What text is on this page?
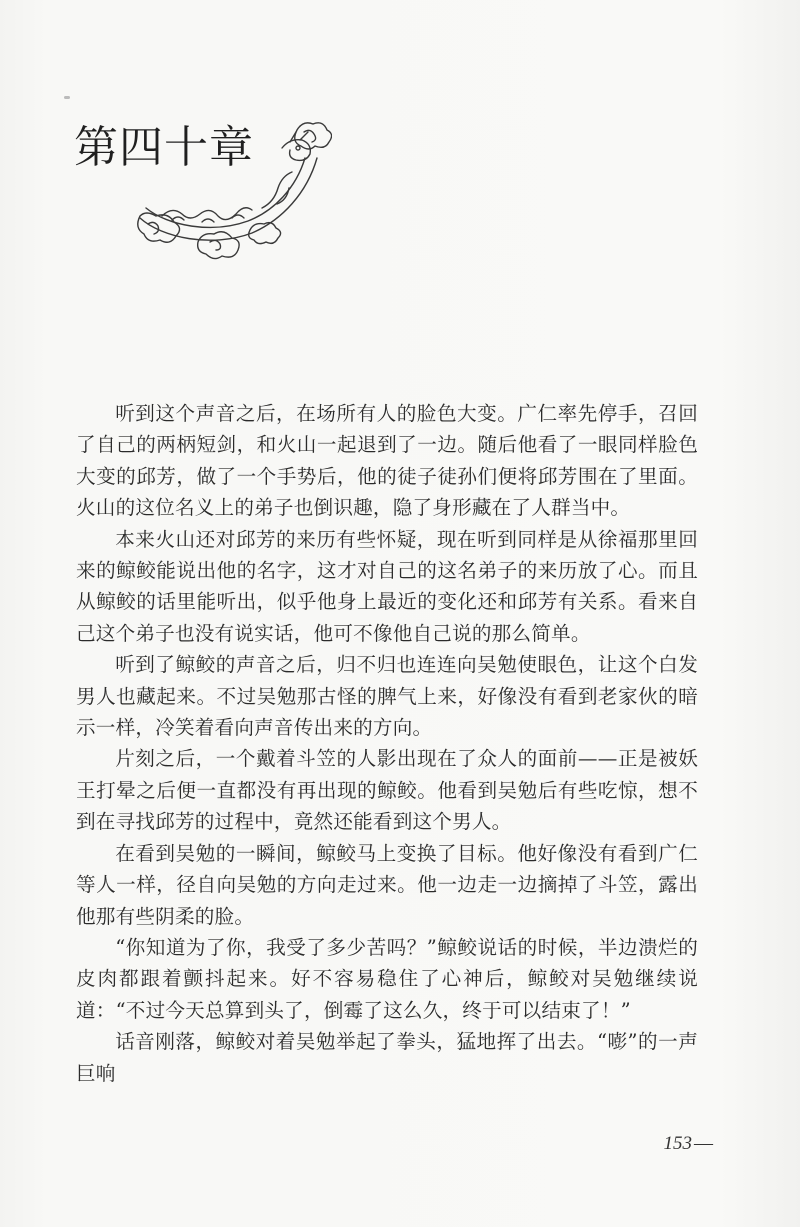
第四十章

听到这个声音之后，在场所有人的脸色大变。广仁率先停手，召回了自己的两柄短剑，和火山一起退到了一边。随后他看了一眼同样脸色大变的邱芳，做了一个手势后，他的徒子徒孙们便将邱芳围在了里面。火山的这位名义上的弟子也倒识趣，隐了身形藏在了人群当中。

本来火山还对邱芳的来历有些怀疑，现在听到同样是从徐福那里回来的鲸鲛能说出他的名字，这才对自己的这名弟子的来历放了心。而且从鲸鲛的话里能听出，似乎他身上最近的变化还和邱芳有关系。看来自己这个弟子也没有说实话，他可不像他自己说的那么简单。

听到了鲸鲛的声音之后，归不归也连连向吴勉使眼色，让这个白发男人也藏起来。不过吴勉那古怪的脾气上来，好像没有看到老家伙的暗示一样，冷笑着看向声音传出来的方向。

片刻之后，一个戴着斗笠的人影出现在了众人的面前——正是被妖王打晕之后便一直都没有再出现的鲸鲛。他看到吴勉后有些吃惊，想不到在寻找邱芳的过程中，竟然还能看到这个男人。

在看到吴勉的一瞬间，鲸鲛马上变换了目标。他好像没有看到广仁等人一样，径自向吴勉的方向走过来。他一边走一边摘掉了斗笠，露出他那有些阴柔的脸。

“你知道为了你，我受了多少苦吗？”鲸鲛说话的时候，半边溃烂的皮肉都跟着颤抖起来。好不容易稳住了心神后，鲸鲛对吴勉继续说道：“不过今天总算到头了，倒霉了这么久，终于可以结束了！”

话音刚落，鲸鲛对着吴勉举起了拳头，猛地挥了出去。“嘭”的一声巨响

153 —
